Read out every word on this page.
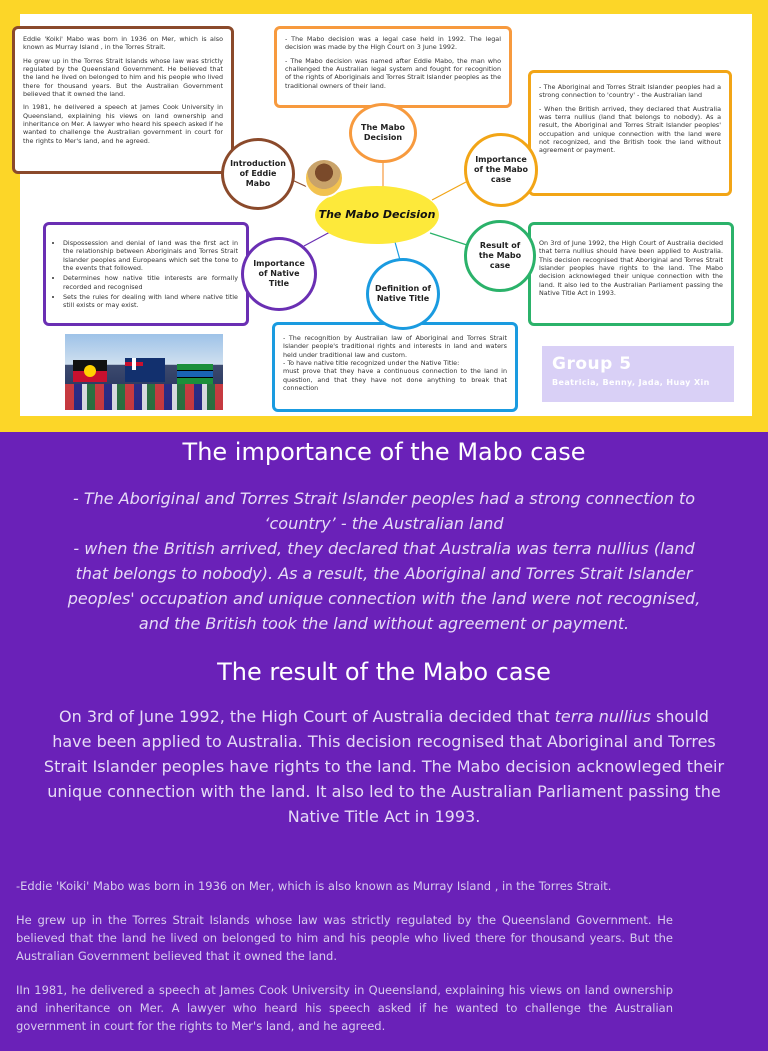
Eddie 'Koiki' Mabo was born in 1936 on Mer, which is also known as Murray Island , in the Torres Strait.

He grew up in the Torres Strait Islands whose law was strictly regulated by the Queensland Government. He believed that the land he lived on belonged to him and his people who lived there for thousand years. But the Australian Government believed that it owned the land.

In 1981, he delivered a speech at James Cook University in Queensland, explaining his views on land ownership and inheritance on Mer. A lawyer who heard his speech asked if he wanted to challenge the Australian government in court for the rights to Mer's land, and he agreed.

- The Mabo decision was a legal case held in 1992. The legal decision was made by the High Court on 3 June 1992.

- The Mabo decision was named after Eddie Mabo, the man who challenged the Australian legal system and fought for recognition of the rights of Aboriginals and Torres Strait Islander peoples as the traditional owners of their land.	- The Aboriginal and Torres Strait Islander peoples had a strong connection to 'country' - the Australian land

- When the British arrived, they declared that Australia was terra nullius (land that belongs to nobody). As a result, the Aboriginal and Torres Strait Islander peoples' occupation and unique connection with the land were not recognized, and the British took the land without agreement or payment.

On 3rd of June 1992, the High Court of Australia decided that terra nullius should have been applied to Australia. This decision recognised that Aboriginal and Torres Strait Islander peoples have rights to the land. The Mabo decision acknowleged their unique connection with the land. It also led to the Australian Parliament passing the Native Title Act in 1993.

- The recognition by Australian law of Aboriginal and Torres Strait Islander people's traditional rights and interests in land and waters held under traditional law and custom.
- To have native title recognized under the Native Title:
must prove that they have a continuous connection to the land in question, and that they have not done anything to break that connection

• Dispossession and denial of land was the first act in the relationship between Aboriginals and Torres Strait Islander peoples and Europeans which set the tone to the events that followed.
• Determines how native title interests are formally recorded and recognised
• Sets the rules for dealing with land where native title still exists or may exist.
The Mabo Decision
Introduction of Eddie Mabo
Importance of the Mabo case
Result of the Mabo case
Definition of Native Title
Importance of Native Title
The Mabo Decision
Group 5
Beatricia, Benny, Jada, Huay Xin
The importance of the Mabo case
- The Aboriginal and Torres Strait Islander peoples had a strong connection to
‘country’ - the Australian land
- when the British arrived, they declared that Australia was terra nullius (land
that belongs to nobody). As a result, the Aboriginal and Torres Strait Islander
peoples' occupation and unique connection with the land were not recognised,
and the British took the land without agreement or payment.
The result of the Mabo case
On 3rd of June 1992, the High Court of Australia decided that terra nullius should have been applied to Australia. This decision recognised that Aboriginal and Torres Strait Islander peoples have rights to the land. The Mabo decision acknowleged their unique connection with the land. It also led to the Australian Parliament passing the Native Title Act in 1993.

-Eddie 'Koiki' Mabo was born in 1936 on Mer, which is also known as Murray Island , in the Torres Strait.

He grew up in the Torres Strait Islands whose law was strictly regulated by the Queensland Government. He believed that the land he lived on belonged to him and his people who lived there for thousand years. But the Australian Government believed that it owned the land.

IIn 1981, he delivered a speech at James Cook University in Queensland, explaining his views on land ownership and inheritance on Mer. A lawyer who heard his speech asked if he wanted to challenge the Australian government in court for the rights to Mer's land, and he agreed.
